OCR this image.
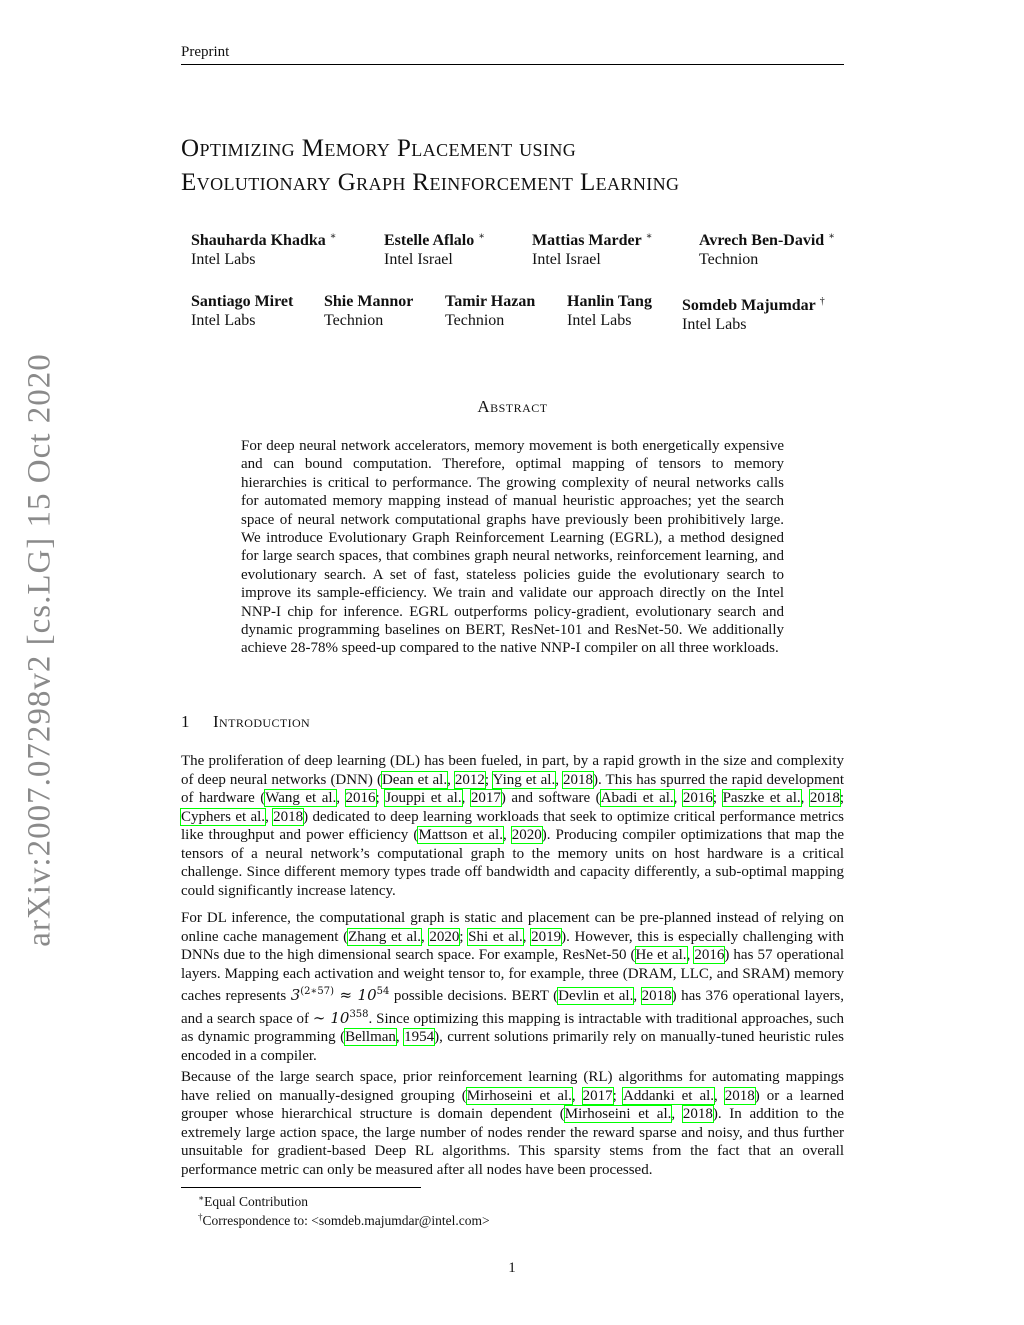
Preprint
Optimizing Memory Placement using
Evolutionary Graph Reinforcement Learning
Shauharda Khadka ∗
Intel Labs
Estelle Aflalo ∗
Intel Israel
Mattias Marder ∗
Intel Israel
Avrech Ben-David ∗
Technion
Santiago Miret
Intel Labs
Shie Mannor
Technion
Tamir Hazan
Technion
Hanlin Tang
Intel Labs
Somdeb Majumdar †
Intel Labs
arXiv:2007.07298v2 [cs.LG] 15 Oct 2020	Abstract
For deep neural network accelerators, memory movement is both energetically expensive and can bound computation. Therefore, optimal mapping of tensors to memory hierarchies is critical to performance. The growing complexity of neural networks calls for automated memory mapping instead of manual heuristic approaches; yet the search space of neural network computational graphs have previously been prohibitively large. We introduce Evolutionary Graph Reinforcement Learning (EGRL), a method designed for large search spaces, that combines graph neural networks, reinforcement learning, and evolutionary search. A set of fast, stateless policies guide the evolutionary search to improve its sample-efficiency. We train and validate our approach directly on the Intel NNP-I chip for inference. EGRL outperforms policy-gradient, evolutionary search and dynamic programming baselines on BERT, ResNet-101 and ResNet-50. We additionally achieve 28-78% speed-up compared to the native NNP-I compiler on all three workloads.
1 Introduction
The proliferation of deep learning (DL) has been fueled, in part, by a rapid growth in the size and complexity of deep neural networks (DNN) (Dean et al., 2012; Ying et al., 2018). This has spurred the rapid development of hardware (Wang et al., 2016; Jouppi et al., 2017) and software (Abadi et al., 2016; Paszke et al., 2018; Cyphers et al., 2018) dedicated to deep learning workloads that seek to optimize critical performance metrics like throughput and power efficiency (Mattson et al., 2020). Producing compiler optimizations that map the tensors of a neural network’s computational graph to the memory units on host hardware is a critical challenge. Since different memory types trade off bandwidth and capacity differently, a sub-optimal mapping could significantly increase latency.
For DL inference, the computational graph is static and placement can be pre-planned instead of relying on online cache management (Zhang et al., 2020; Shi et al., 2019). However, this is especially challenging with DNNs due to the high dimensional search space. For example, ResNet-50 (He et al., 2016) has 57 operational layers. Mapping each activation and weight tensor to, for example, three (DRAM, LLC, and SRAM) memory caches represents $3^{(2∗57)} \approx 10^{54}$ possible decisions. BERT (Devlin et al., 2018) has 376 operational layers, and a search space of ∼ $10^{358}$. Since optimizing this mapping is intractable with traditional approaches, such as dynamic programming (Bellman, 1954), current solutions primarily rely on manually-tuned heuristic rules encoded in a compiler.
Because of the large search space, prior reinforcement learning (RL) algorithms for automating mappings have relied on manually-designed grouping (Mirhoseini et al., 2017; Addanki et al., 2018) or a learned grouper whose hierarchical structure is domain dependent (Mirhoseini et al., 2018). In addition to the extremely large action space, the large number of nodes render the reward sparse and noisy, and thus further unsuitable for gradient-based Deep RL algorithms. This sparsity stems from the fact that an overall performance metric can only be measured after all nodes have been processed.
∗Equal Contribution
†Correspondence to: <somdeb.majumdar@intel.com>
1
